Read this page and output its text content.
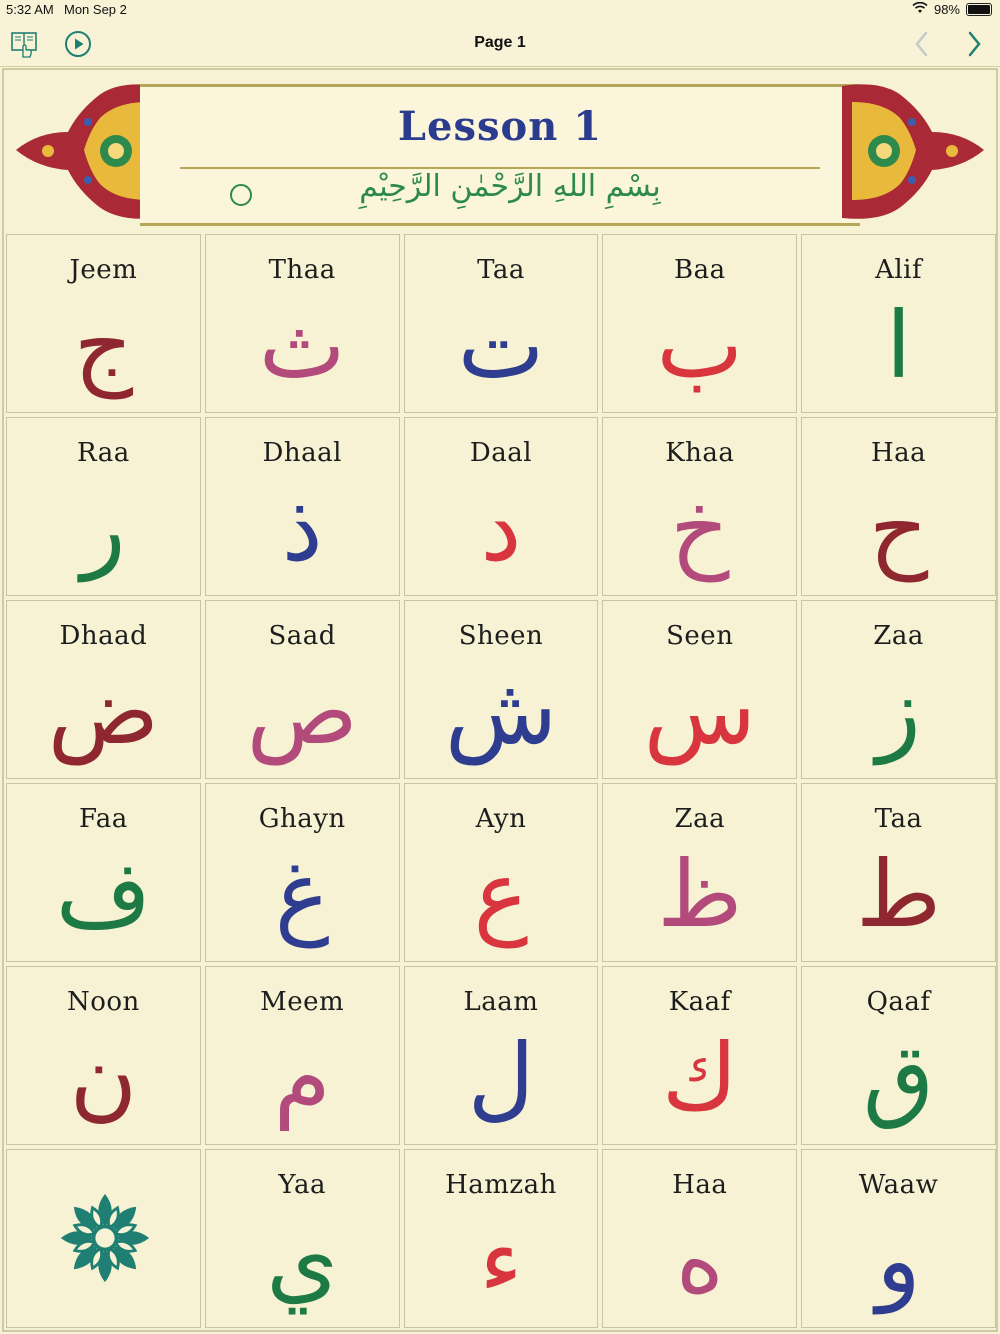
5:32 AM Mon Sep 2	98%
Page 1
Lesson 1
بِسْمِ اللهِ الرَّحْمٰنِ الرَّحِيْمِ
Jeem
ج
Thaa
ث
Taa
ت
Baa
ب
Alif
ا
Raa
ر
Dhaal
ذ
Daal
د
Khaa
خ
Haa
ح
Dhaad
ض
Saad
ص
Sheen
ش
Seen
س
Zaa
ز
Faa
ف
Ghayn
غ
Ayn
ع
Zaa
ظ
Taa
ط
Noon
ن
Meem
م
Laam
ل
Kaaf
ك
Qaaf
ق
Yaa
ي
Hamzah
ء
Haa
ه
Waaw
و
